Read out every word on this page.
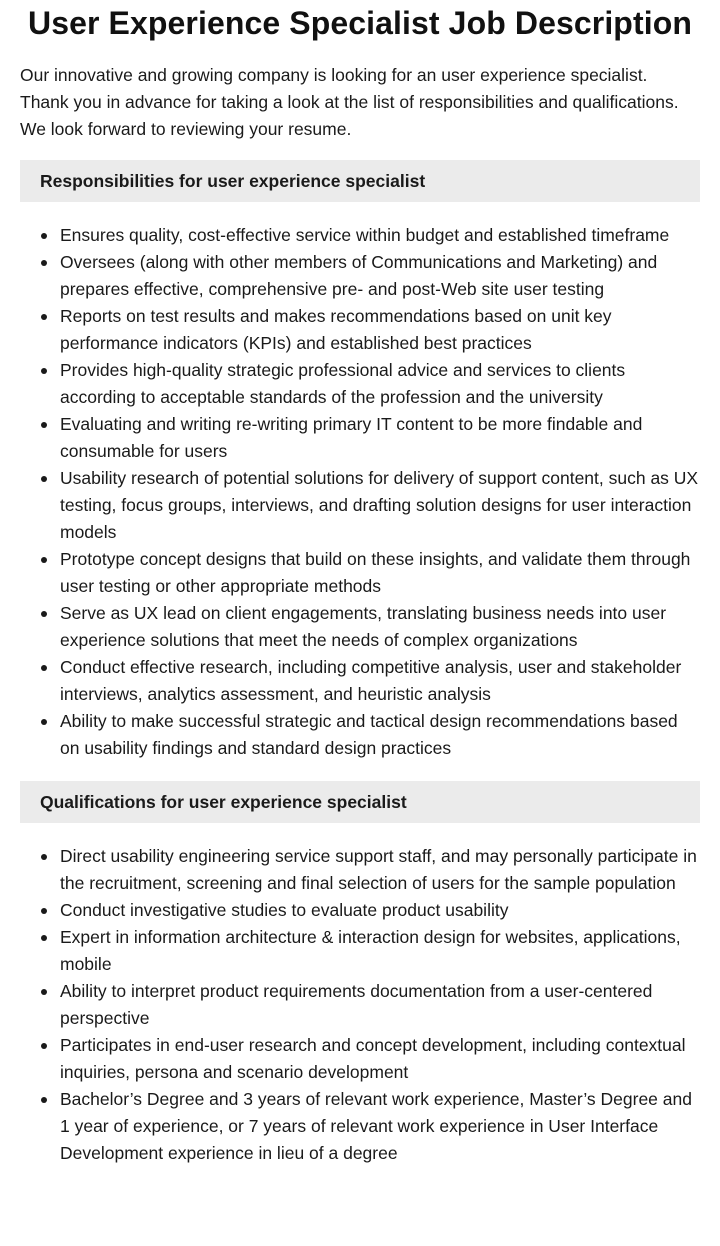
User Experience Specialist Job Description

Our innovative and growing company is looking for an user experience specialist. Thank you in advance for taking a look at the list of responsibilities and qualifications. We look forward to reviewing your resume.

Responsibilities for user experience specialist
Ensures quality, cost-effective service within budget and established timeframe
Oversees (along with other members of Communications and Marketing) and prepares effective, comprehensive pre- and post-Web site user testing
Reports on test results and makes recommendations based on unit key performance indicators (KPIs) and established best practices
Provides high-quality strategic professional advice and services to clients according to acceptable standards of the profession and the university
Evaluating and writing re-writing primary IT content to be more findable and consumable for users
Usability research of potential solutions for delivery of support content, such as UX testing, focus groups, interviews, and drafting solution designs for user interaction models
Prototype concept designs that build on these insights, and validate them through user testing or other appropriate methods
Serve as UX lead on client engagements, translating business needs into user experience solutions that meet the needs of complex organizations
Conduct effective research, including competitive analysis, user and stakeholder interviews, analytics assessment, and heuristic analysis
Ability to make successful strategic and tactical design recommendations based on usability findings and standard design practices
Qualifications for user experience specialist
Direct usability engineering service support staff, and may personally participate in the recruitment, screening and final selection of users for the sample population
Conduct investigative studies to evaluate product usability
Expert in information architecture & interaction design for websites, applications, mobile
Ability to interpret product requirements documentation from a user-centered perspective
Participates in end-user research and concept development, including contextual inquiries, persona and scenario development
Bachelor’s Degree and 3 years of relevant work experience, Master’s Degree and 1 year of experience, or 7 years of relevant work experience in User Interface Development experience in lieu of a degree
